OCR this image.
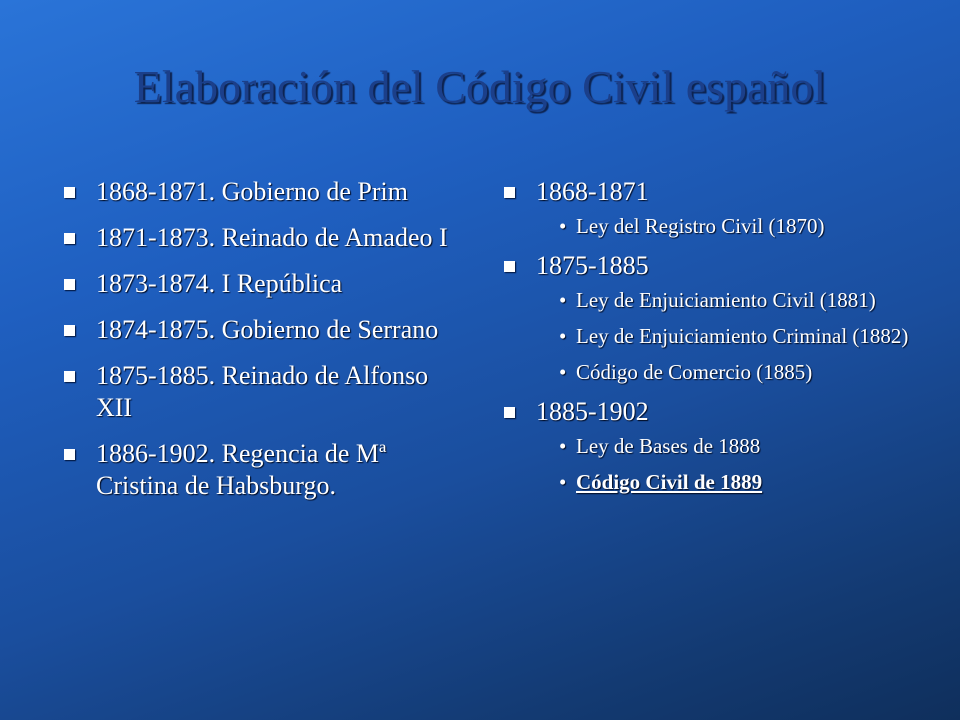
Elaboración del Código Civil español
1868-1871. Gobierno de Prim
1871-1873. Reinado de Amadeo I
1873-1874. I República
1874-1875. Gobierno de Serrano
1875-1885. Reinado de Alfonso XII
1886-1902. Regencia de Mª Cristina de Habsburgo.
1868-1871
• Ley del Registro Civil (1870)
1875-1885
• Ley de Enjuiciamiento Civil (1881)
• Ley de Enjuiciamiento Criminal (1882)
• Código de Comercio (1885)
1885-1902
• Ley de Bases de 1888
• Código Civil de 1889
